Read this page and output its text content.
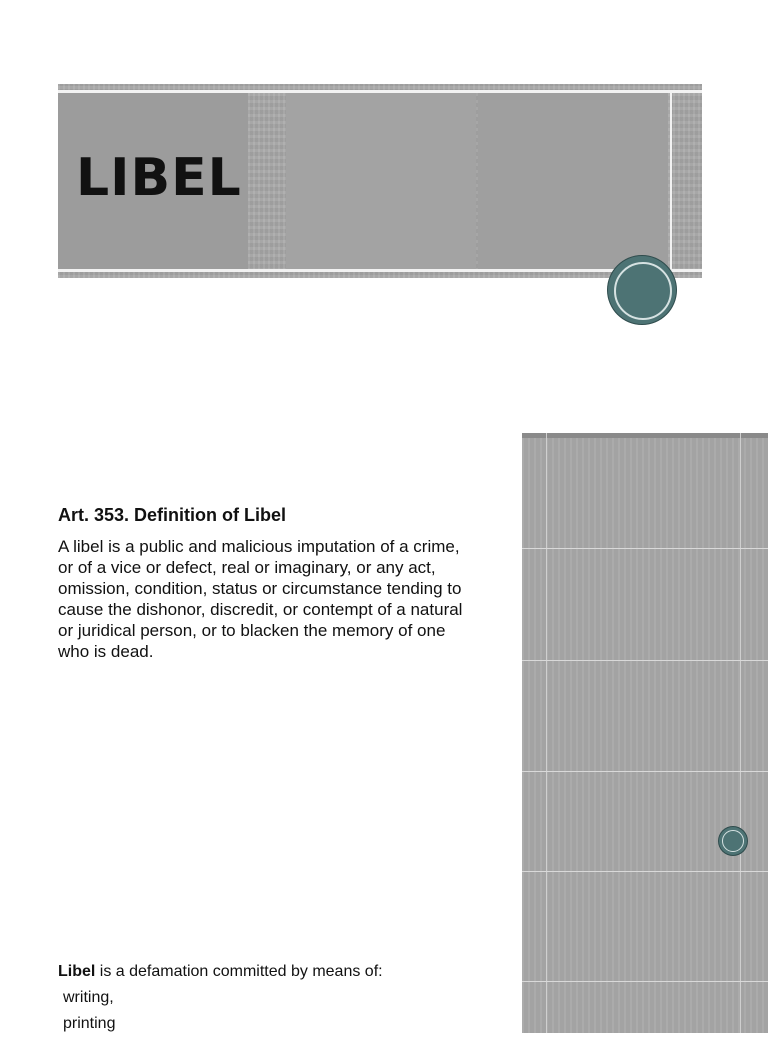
LIBEL
Art. 353. Definition of Libel
A libel is a public and malicious imputation of a crime, or of a vice or defect, real or imaginary, or any act, omission, condition, status or circumstance tending to cause the dishonor, discredit, or contempt of a natural or juridical person, or to blacken the memory of one who is dead.
Libel is a defamation committed by means of:
writing,
printing
